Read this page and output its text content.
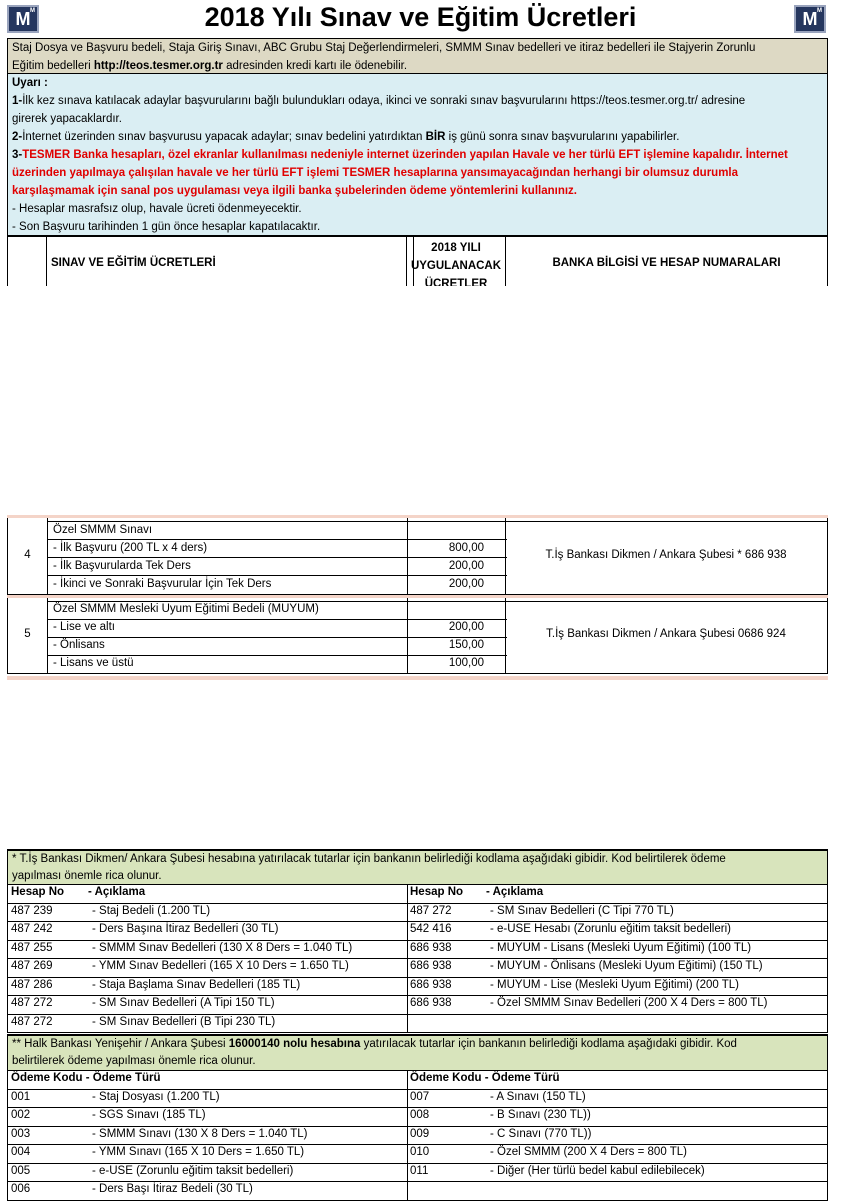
M M	2018 Yılı Sınav ve Eğitim Ücretleri	M M
Staj Dosya ve Başvuru bedeli, Staja Giriş Sınavı, ABC Grubu Staj Değerlendirmeleri, SMMM Sınav bedelleri ve itiraz bedelleri ile Stajyerin Zorunlu
Eğitim bedelleri http://teos.tesmer.org.tr adresinden kredi kartı ile ödenebilir.
Uyarı :
1-İlk kez sınava katılacak adaylar başvurularını bağlı bulundukları odaya, ikinci ve sonraki sınav başvurularını https://teos.tesmer.org.tr/ adresine
girerek yapacaklardır.
2-İnternet üzerinden sınav başvurusu yapacak adaylar; sınav bedelini yatırdıktan BİR iş günü sonra sınav başvurularını yapabilirler.
3-TESMER Banka hesapları, özel ekranlar kullanılması nedeniyle internet üzerinden yapılan Havale ve her türlü EFT işlemine kapalıdır. İnternet
üzerinden yapılmaya çalışılan havale ve her türlü EFT işlemi TESMER hesaplarına yansımayacağından herhangi bir olumsuz durumla
karşılaşmamak için sanal pos uygulaması veya ilgili banka şubelerinden ödeme yöntemlerini kullanınız.
- Hesaplar masrafsız olup, havale ücreti ödenmeyecektir.
- Son Başvuru tarihinden 1 gün önce hesaplar kapatılacaktır.
SINAV VE EĞİTİM ÜCRETLERİ
2018 YILI
UYGULANACAK
ÜCRETLER
BANKA BİLGİSİ VE HESAP NUMARALARI
4
Özel SMMM Sınavı
- İlk Başvuru (200 TL x 4 ders)	800,00
- İlk Başvurularda Tek Ders	200,00
- İkinci ve Sonraki Başvurular İçin Tek Ders	200,00
T.İş Bankası Dikmen / Ankara Şubesi * 686 938
5
Özel SMMM Mesleki Uyum Eğitimi Bedeli (MUYUM)
- Lise ve altı	200,00
- Önlisans	150,00
- Lisans ve üstü	100,00
T.İş Bankası Dikmen / Ankara Şubesi 0686 924
* T.İş Bankası Dikmen/ Ankara Şubesi hesabına yatırılacak tutarlar için bankanın belirlediği kodlama aşağıdaki gibidir. Kod belirtilerek ödeme
yapılması önemle rica olunur.
Hesap No - Açıklama	Hesap No - Açıklama
487 239	- Staj Bedeli (1.200 TL)	487 272	- SM Sınav Bedelleri (C Tipi 770 TL)
487 242	- Ders Başına İtiraz Bedelleri (30 TL)	542 416	- e-USE Hesabı (Zorunlu eğitim taksit bedelleri)
487 255	- SMMM Sınav Bedelleri (130 X 8 Ders = 1.040 TL)	686 938	- MUYUM - Lisans (Mesleki Uyum Eğitimi) (100 TL)
487 269	- YMM Sınav Bedelleri (165 X 10 Ders = 1.650 TL)	686 938	- MUYUM - Önlisans (Mesleki Uyum Eğitimi) (150 TL)
487 286	- Staja Başlama Sınav Bedelleri (185 TL)	686 938	- MUYUM - Lise (Mesleki Uyum Eğitimi) (200 TL)
487 272	- SM Sınav Bedelleri (A Tipi 150 TL)	686 938	- Özel SMMM Sınav Bedelleri (200 X 4 Ders = 800 TL)
487 272	- SM Sınav Bedelleri (B Tipi 230 TL)
** Halk Bankası Yenişehir / Ankara Şubesi 16000140 nolu hesabına yatırılacak tutarlar için bankanın belirlediği kodlama aşağıdaki gibidir. Kod
belirtilerek ödeme yapılması önemle rica olunur.
Ödeme Kodu - Ödeme Türü	Ödeme Kodu - Ödeme Türü
001	- Staj Dosyası (1.200 TL)	007	- A Sınavı (150 TL)
002	- SGS Sınavı (185 TL)	008	- B Sınavı (230 TL))
003	- SMMM Sınavı (130 X 8 Ders = 1.040 TL)	009	- C Sınavı (770 TL))
004	- YMM Sınavı (165 X 10 Ders = 1.650 TL)	010	- Özel SMMM (200 X 4 Ders = 800 TL)
005	- e-USE (Zorunlu eğitim taksit bedelleri)	011	- Diğer (Her türlü bedel kabul edilebilecek)
006	- Ders Başı İtiraz Bedeli (30 TL)
